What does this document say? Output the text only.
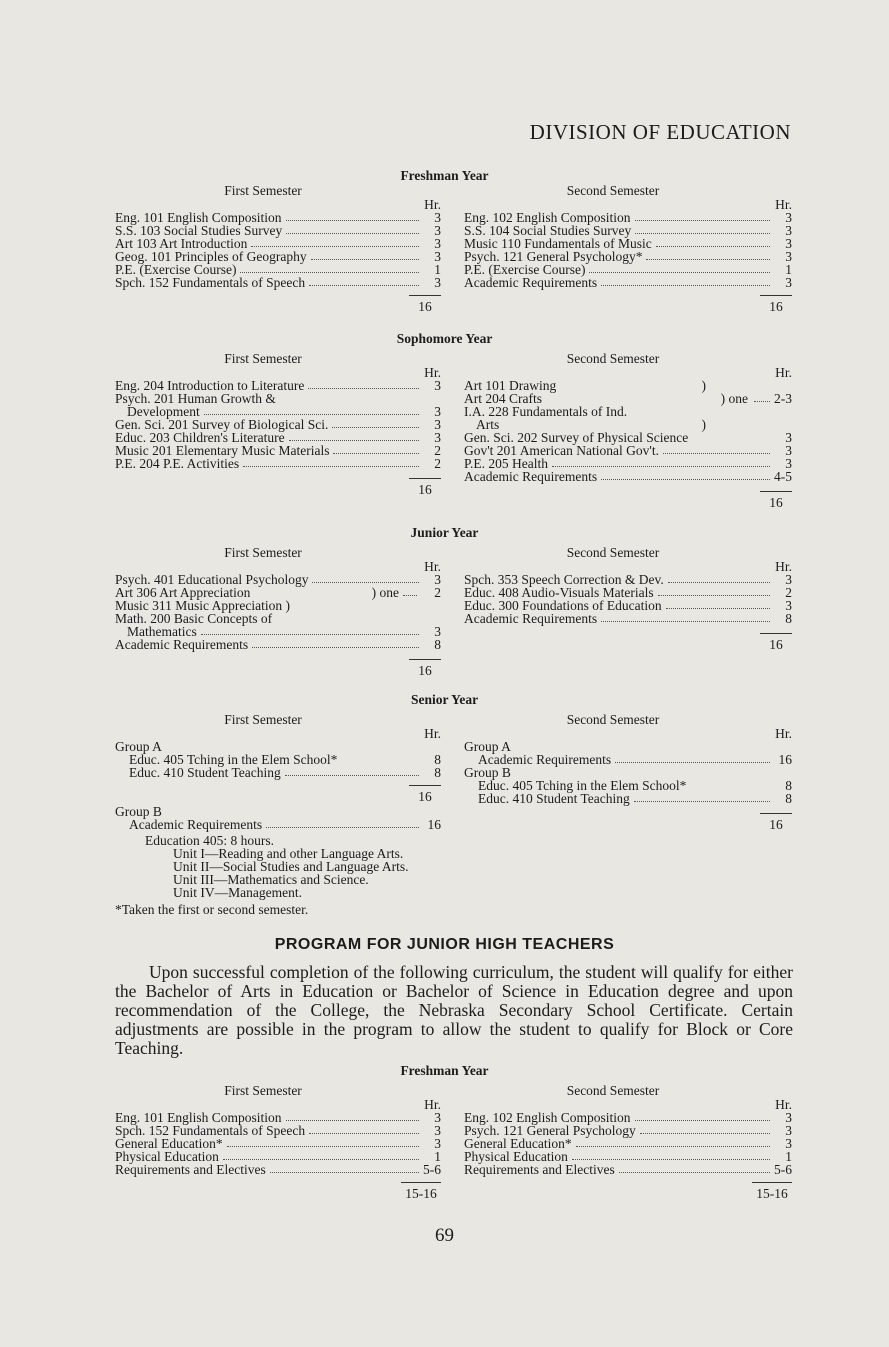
DIVISION OF EDUCATION
Freshman Year
First Semester
Hr.
Eng. 101 English Composition	3
S.S. 103 Social Studies Survey	3
Art 103 Art Introduction	3
Geog. 101 Principles of Geography	3
P.E. (Exercise Course)	1
Spch. 152 Fundamentals of Speech	3
16
Second Semester
Hr.
Eng. 102 English Composition	3
S.S. 104 Social Studies Survey	3
Music 110 Fundamentals of Music	3
Psych. 121 General Psychology*	3
P.E. (Exercise Course)	1
Academic Requirements	3
16
Sophomore Year
First Semester
Hr.
Eng. 204 Introduction to Literature	3
Psych. 201 Human Growth &
Development	3
Gen. Sci. 201 Survey of Biological Sci.	3
Educ. 203 Children's Literature	3
Music 201 Elementary Music Materials	2
P.E. 204 P.E. Activities	2
16
Second Semester
Hr.
Art 101 Drawing	)
Art 204 Crafts	) one 2-3
I.A. 228 Fundamentals of Ind.
Arts	)
Gen. Sci. 202 Survey of Physical Science	3
Gov't 201 American National Gov't.	3
P.E. 205 Health	3
Academic Requirements	4-5
16
Junior Year
First Semester
Hr.
Psych. 401 Educational Psychology	3
Art 306 Art Appreciation	) one	2
Music 311 Music Appreciation )
Math. 200 Basic Concepts of
Mathematics	3
Academic Requirements	8
16
Second Semester
Hr.
Spch. 353 Speech Correction & Dev.	3
Educ. 408 Audio-Visuals Materials	2
Educ. 300 Foundations of Education	3
Academic Requirements	8
16
Senior Year
First Semester
Hr.
Group A
Educ. 405 Tching in the Elem School*	8
Educ. 410 Student Teaching	8
16
Group B
Academic Requirements	16
Second Semester
Hr.
Group A
Academic Requirements	16
Group B
Educ. 405 Tching in the Elem School*	8
Educ. 410 Student Teaching	8
16
Education 405: 8 hours.
Unit I—Reading and other Language Arts.
Unit II—Social Studies and Language Arts.
Unit III—Mathematics and Science.
Unit IV—Management.
*Taken the first or second semester.
PROGRAM FOR JUNIOR HIGH TEACHERS
Upon successful completion of the following curriculum, the student will qualify for either the Bachelor of Arts in Education or Bachelor of Science in Education degree and upon recommendation of the College, the Nebraska Secondary School Certificate. Certain adjustments are possible in the program to allow the student to qualify for Block or Core Teaching.
Freshman Year
First Semester
Hr.
Eng. 101 English Composition	3
Spch. 152 Fundamentals of Speech	3
General Education*	3
Physical Education	1
Requirements and Electives	5-6
15-16
Second Semester
Hr.
Eng. 102 English Composition	3
Psych. 121 General Psychology	3
General Education*	3
Physical Education	1
Requirements and Electives	5-6
15-16
69
